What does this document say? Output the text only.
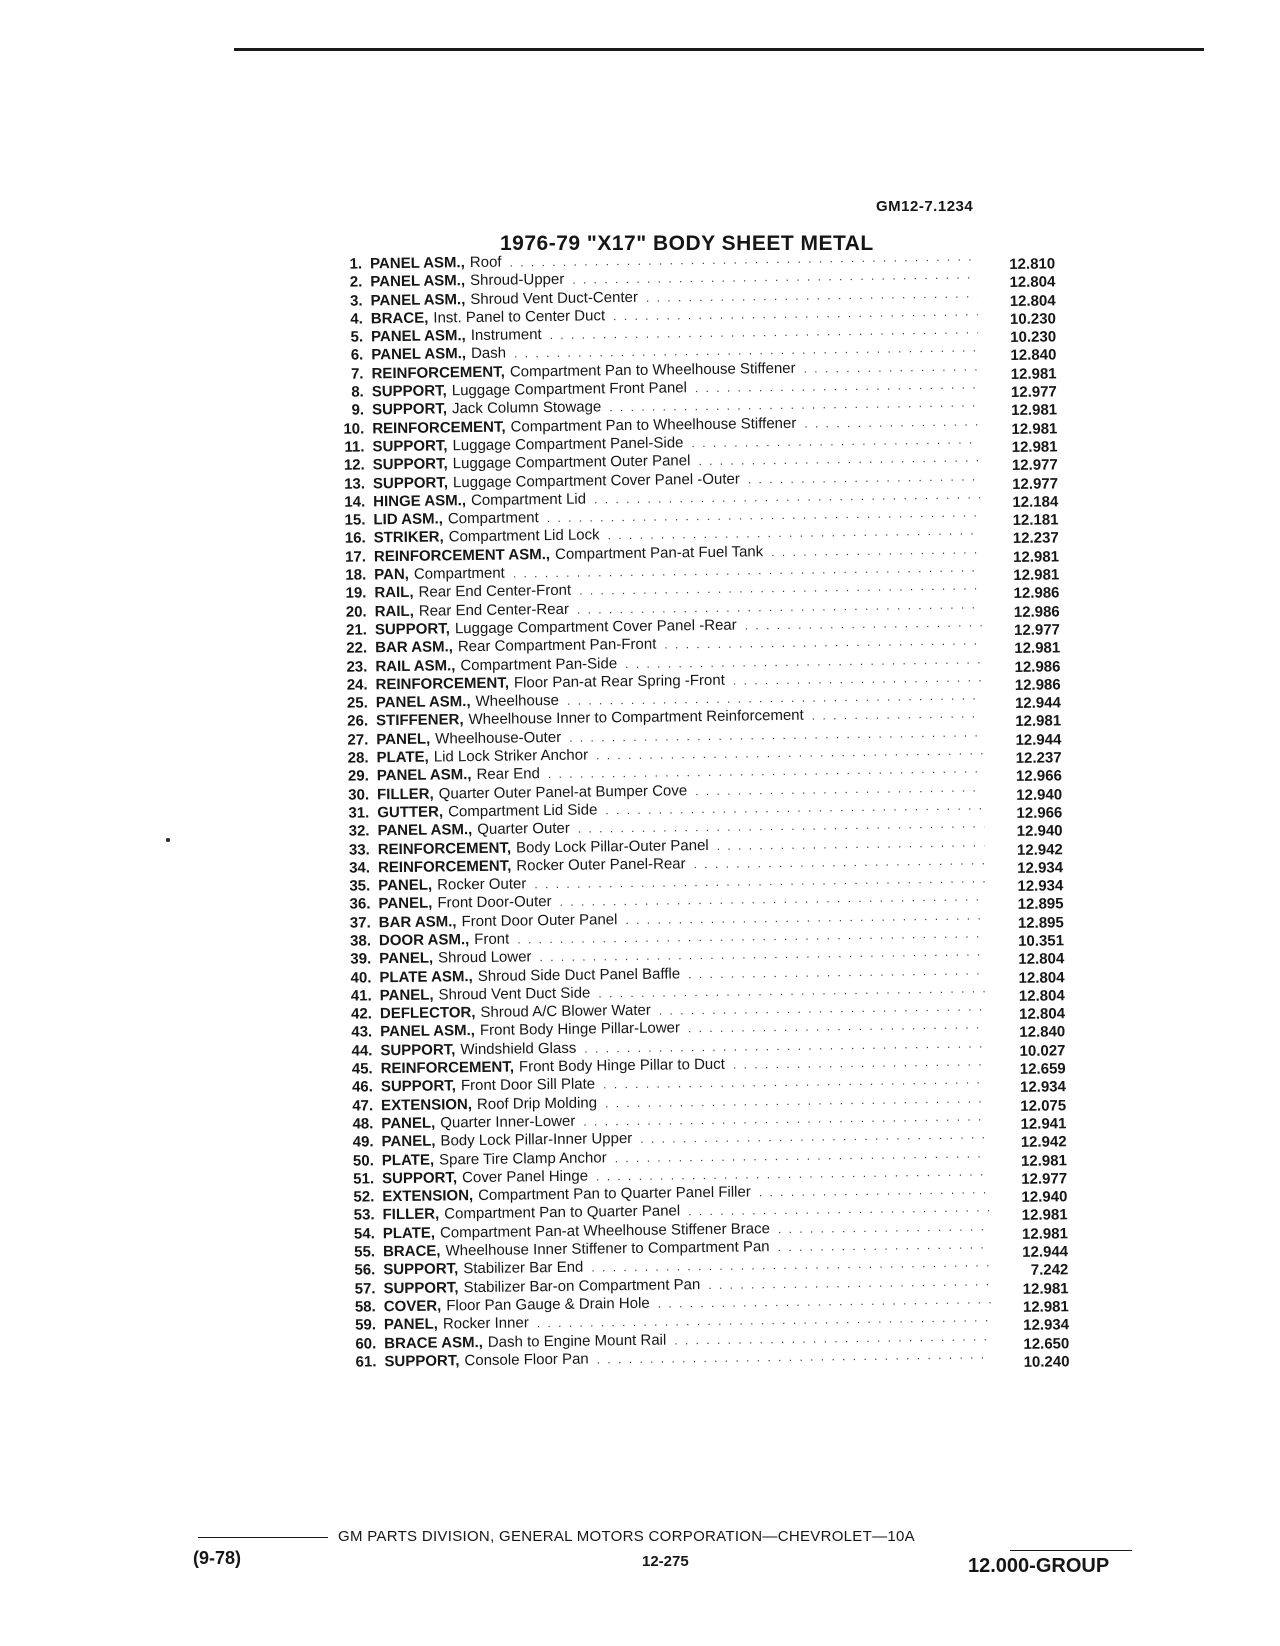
GM12-7.1234
1976-79 "X17" BODY SHEET METAL
1. PANEL ASM., Roof . . .	12.810
2. PANEL ASM., Shroud-Upper . . .	12.804
3. PANEL ASM., Shroud Vent Duct-Center . . .	12.804
4. BRACE, Inst. Panel to Center Duct . . .	10.230
5. PANEL ASM., Instrument . . .	10.230
6. PANEL ASM., Dash . . .	12.840
7. REINFORCEMENT, Compartment Pan to Wheelhouse Stiffener . . .	12.981
8. SUPPORT, Luggage Compartment Front Panel . . .	12.977
9. SUPPORT, Jack Column Stowage . . .	12.981
10. REINFORCEMENT, Compartment Pan to Wheelhouse Stiffener . . .	12.981
11. SUPPORT, Luggage Compartment Panel-Side . . .	12.981
12. SUPPORT, Luggage Compartment Outer Panel . . .	12.977
13. SUPPORT, Luggage Compartment Cover Panel -Outer . . .	12.977
14. HINGE ASM., Compartment Lid . . .	12.184
15. LID ASM., Compartment . . .	12.181
16. STRIKER, Compartment Lid Lock . . .	12.237
17. REINFORCEMENT ASM., Compartment Pan-at Fuel Tank . . .	12.981
18. PAN, Compartment . . .	12.981
19. RAIL, Rear End Center-Front . . .	12.986
20. RAIL, Rear End Center-Rear . . .	12.986
21. SUPPORT, Luggage Compartment Cover Panel -Rear . . .	12.977
22. BAR ASM., Rear Compartment Pan-Front . . .	12.981
23. RAIL ASM., Compartment Pan-Side . . .	12.986
24. REINFORCEMENT, Floor Pan-at Rear Spring -Front . . .	12.986
25. PANEL ASM., Wheelhouse . . .	12.944
26. STIFFENER, Wheelhouse Inner to Compartment Reinforcement . . .	12.981
27. PANEL, Wheelhouse-Outer . . .	12.944
28. PLATE, Lid Lock Striker Anchor . . .	12.237
29. PANEL ASM., Rear End . . .	12.966
30. FILLER, Quarter Outer Panel-at Bumper Cove . . .	12.940
31. GUTTER, Compartment Lid Side . . .	12.966
32. PANEL ASM., Quarter Outer . . .	12.940
33. REINFORCEMENT, Body Lock Pillar-Outer Panel . . .	12.942
34. REINFORCEMENT, Rocker Outer Panel-Rear . . .	12.934
35. PANEL, Rocker Outer . . .	12.934
36. PANEL, Front Door-Outer . . .	12.895
37. BAR ASM., Front Door Outer Panel . . .	12.895
38. DOOR ASM., Front . . .	10.351
39. PANEL, Shroud Lower . . .	12.804
40. PLATE ASM., Shroud Side Duct Panel Baffle . . .	12.804
41. PANEL, Shroud Vent Duct Side . . .	12.804
42. DEFLECTOR, Shroud A/C Blower Water . . .	12.804
43. PANEL ASM., Front Body Hinge Pillar-Lower . . .	12.840
44. SUPPORT, Windshield Glass . . .	10.027
45. REINFORCEMENT, Front Body Hinge Pillar to Duct . . .	12.659
46. SUPPORT, Front Door Sill Plate . . .	12.934
47. EXTENSION, Roof Drip Molding . . .	12.075
48. PANEL, Quarter Inner-Lower . . .	12.941
49. PANEL, Body Lock Pillar-Inner Upper . . .	12.942
50. PLATE, Spare Tire Clamp Anchor . . .	12.981
51. SUPPORT, Cover Panel Hinge . . .	12.977
52. EXTENSION, Compartment Pan to Quarter Panel Filler . . .	12.940
53. FILLER, Compartment Pan to Quarter Panel . . .	12.981
54. PLATE, Compartment Pan-at Wheelhouse Stiffener Brace . . .	12.981
55. BRACE, Wheelhouse Inner Stiffener to Compartment Pan . . .	12.944
56. SUPPORT, Stabilizer Bar End . . .	7.242
57. SUPPORT, Stabilizer Bar-on Compartment Pan . . .	12.981
58. COVER, Floor Pan Gauge & Drain Hole . . .	12.981
59. PANEL, Rocker Inner . . .	12.934
60. BRACE ASM., Dash to Engine Mount Rail . . .	12.650
61. SUPPORT, Console Floor Pan . . .	10.240
GM PARTS DIVISION, GENERAL MOTORS CORPORATION—CHEVROLET—10A
(9-78)	12-275	12.000-GROUP
